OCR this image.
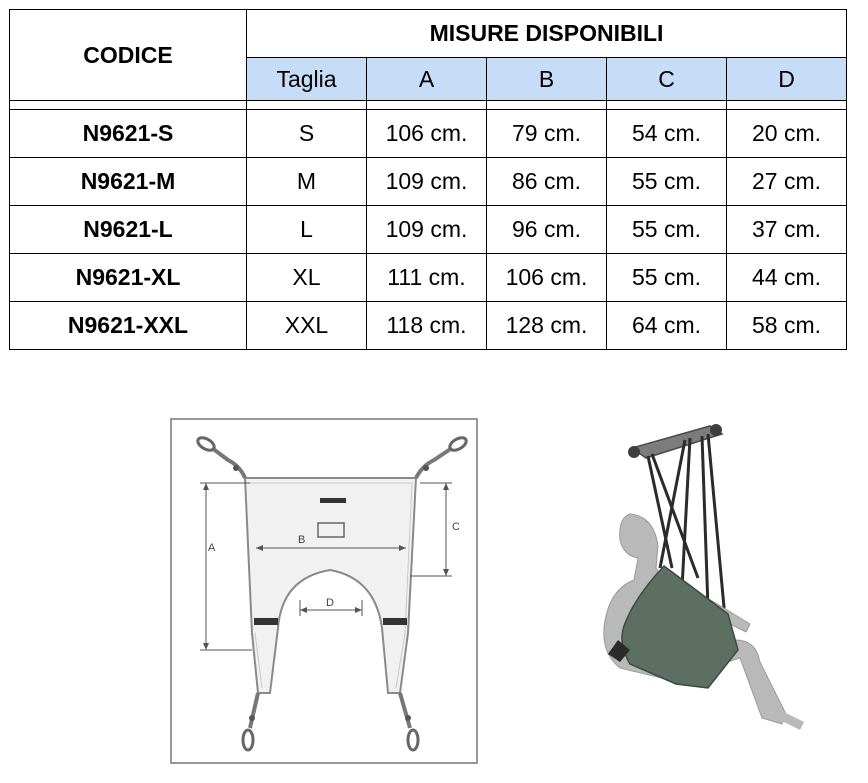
CODICE	MISURE DISPONIBILI				
	Taglia	A	B	C	D

N9621-S	S	106 cm.	79 cm.	54 cm.	20 cm.
N9621-M	M	109 cm.	86 cm.	55 cm.	27 cm.
N9621-L	L	109 cm.	96 cm.	55 cm.	37 cm.
N9621-XL	XL	111 cm.	106 cm.	55 cm.	44 cm.
N9621-XXL	XXL	118 cm.	128 cm.	64 cm.	58 cm.
A
B
C
D
